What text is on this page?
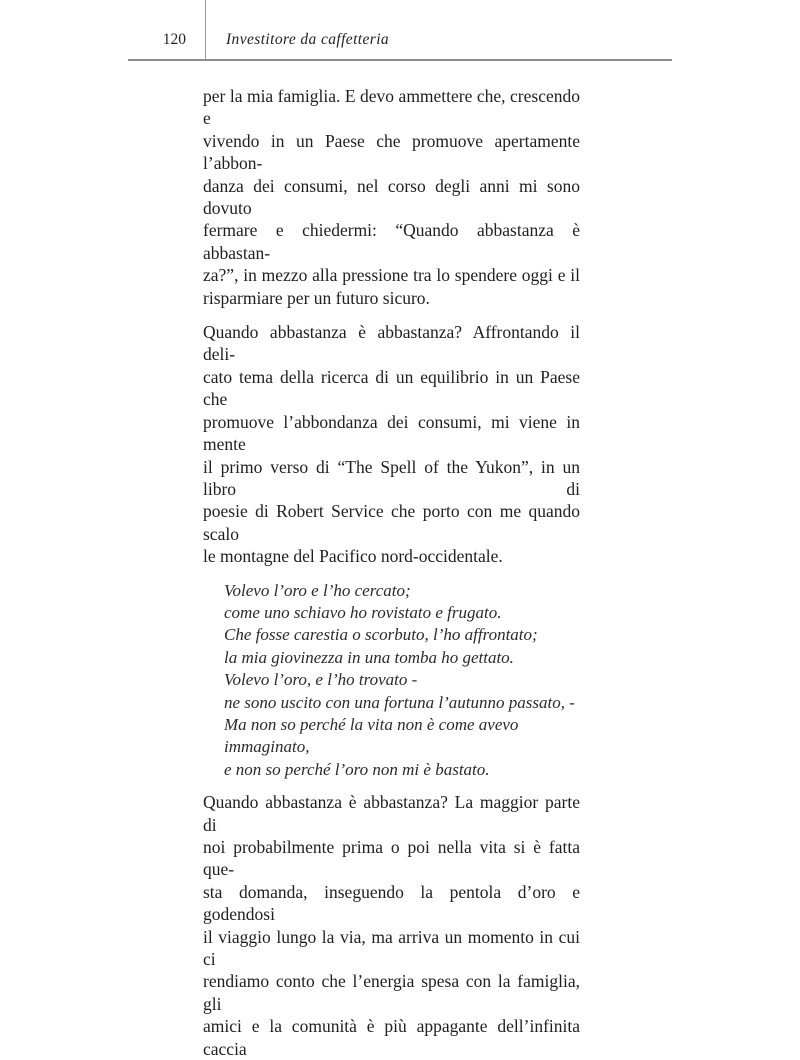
120	Investitore da caffetteria
per la mia famiglia. E devo ammettere che, crescendo e
vivendo in un Paese che promuove apertamente l’abbon-
danza dei consumi, nel corso degli anni mi sono dovuto
fermare e chiedermi: “Quando abbastanza è abbastan-
za?”, in mezzo alla pressione tra lo spendere oggi e il
risparmiare per un futuro sicuro.
Quando abbastanza è abbastanza? Affrontando il deli-
cato tema della ricerca di un equilibrio in un Paese che
promuove l’abbondanza dei consumi, mi viene in mente
il primo verso di “The Spell of the Yukon”, in un libro di
poesie di Robert Service che porto con me quando scalo
le montagne del Pacifico nord-occidentale.
Volevo l’oro e l’ho cercato;
come uno schiavo ho rovistato e frugato.
Che fosse carestia o scorbuto, l’ho affrontato;
la mia giovinezza in una tomba ho gettato.
Volevo l’oro, e l’ho trovato -
ne sono uscito con una fortuna l’autunno passato, -
Ma non so perché la vita non è come avevo immaginato,
e non so perché l’oro non mi è bastato.
Quando abbastanza è abbastanza? La maggior parte di
noi probabilmente prima o poi nella vita si è fatta que-
sta domanda, inseguendo la pentola d’oro e godendosi
il viaggio lungo la via, ma arriva un momento in cui ci
rendiamo conto che l’energia spesa con la famiglia, gli
amici e la comunità è più appagante dell’infinita caccia
